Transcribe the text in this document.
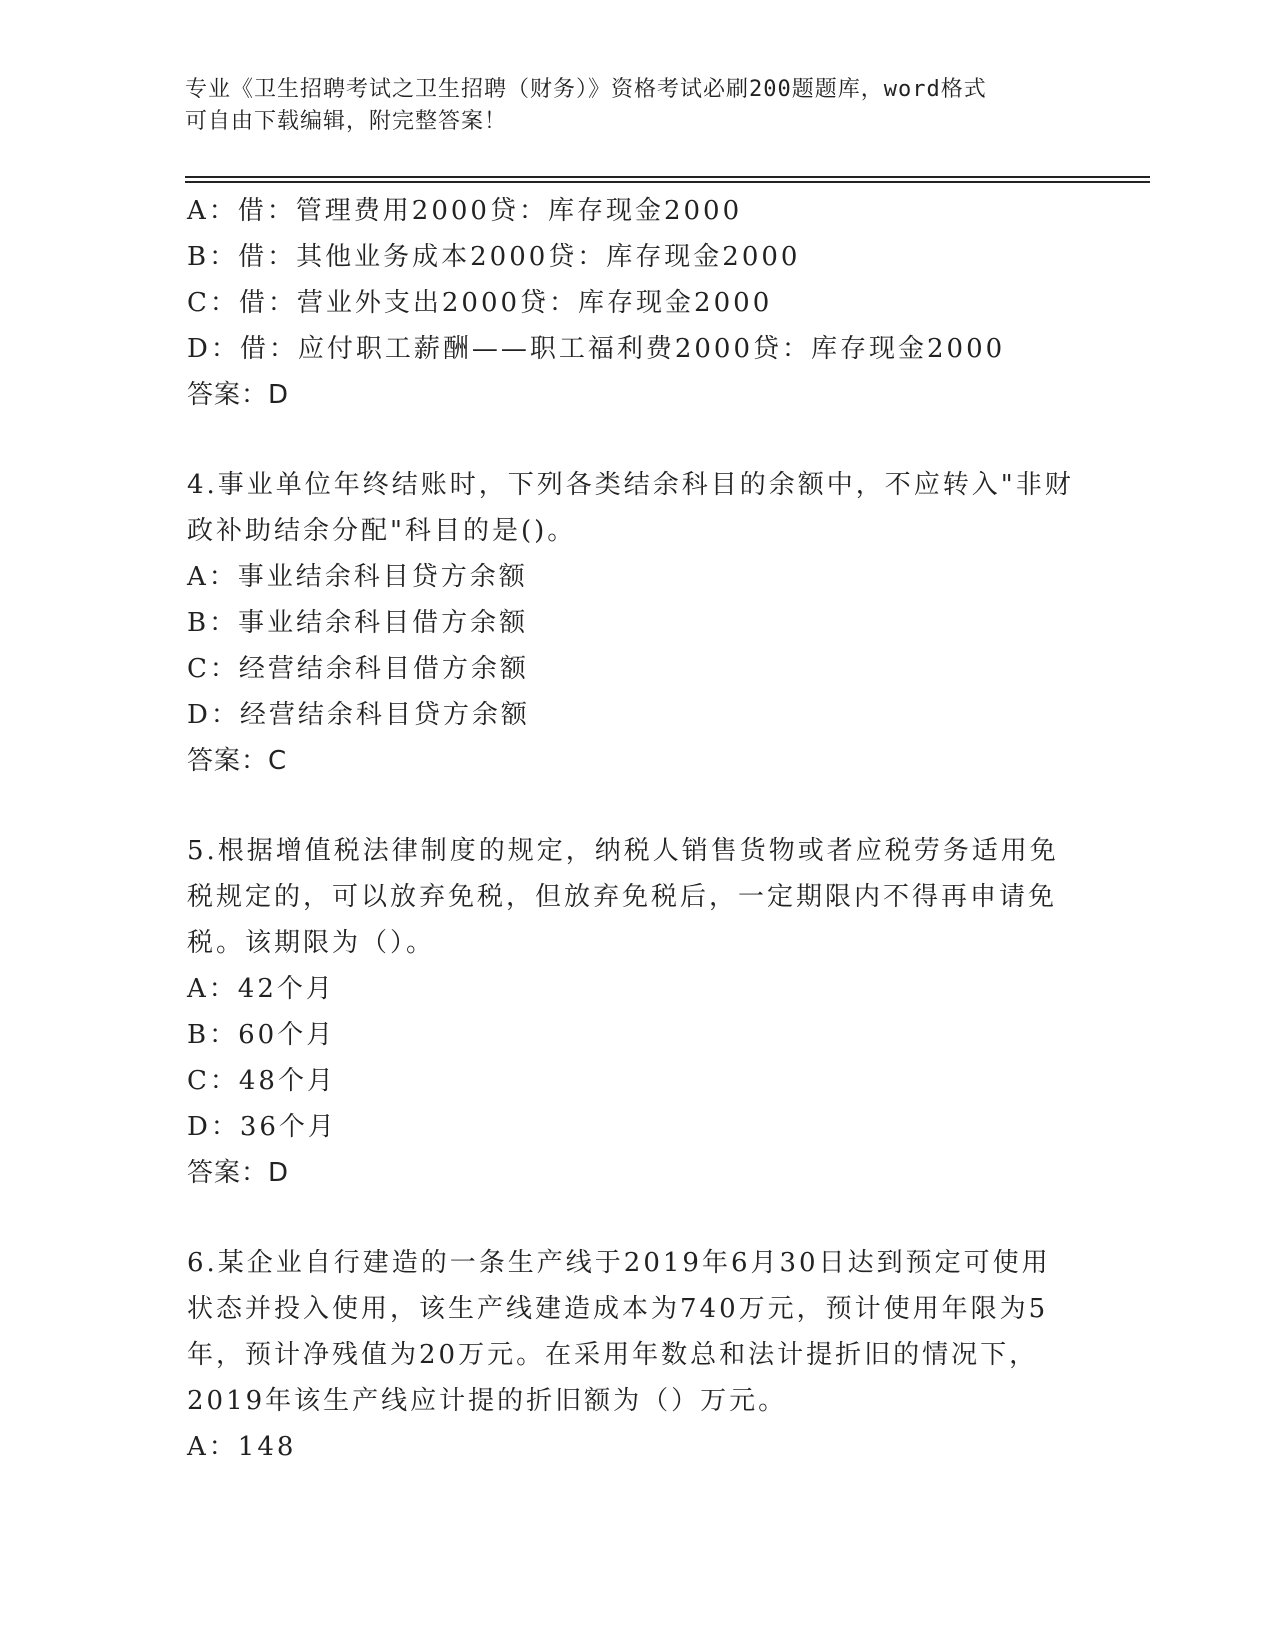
专业《卫生招聘考试之卫生招聘（财务）》资格考试必刷200题题库，word格式
可自由下载编辑，附完整答案！
A：借：管理费用2000贷：库存现金2000
B：借：其他业务成本2000贷：库存现金2000
C：借：营业外支出2000贷：库存现金2000
D：借：应付职工薪酬——职工福利费2000贷：库存现金2000
答案：D
4.事业单位年终结账时，下列各类结余科目的余额中，不应转入"非财
政补助结余分配"科目的是()。
A：事业结余科目贷方余额
B：事业结余科目借方余额
C：经营结余科目借方余额
D：经营结余科目贷方余额
答案：C
5.根据增值税法律制度的规定，纳税人销售货物或者应税劳务适用免
税规定的，可以放弃免税，但放弃免税后，一定期限内不得再申请免
税。该期限为（）。
A：42个月
B：60个月
C：48个月
D：36个月
答案：D
6.某企业自行建造的一条生产线于2019年6月30日达到预定可使用
状态并投入使用，该生产线建造成本为740万元，预计使用年限为5
年，预计净残值为20万元。在采用年数总和法计提折旧的情况下，
2019年该生产线应计提的折旧额为（）万元。
A：148
